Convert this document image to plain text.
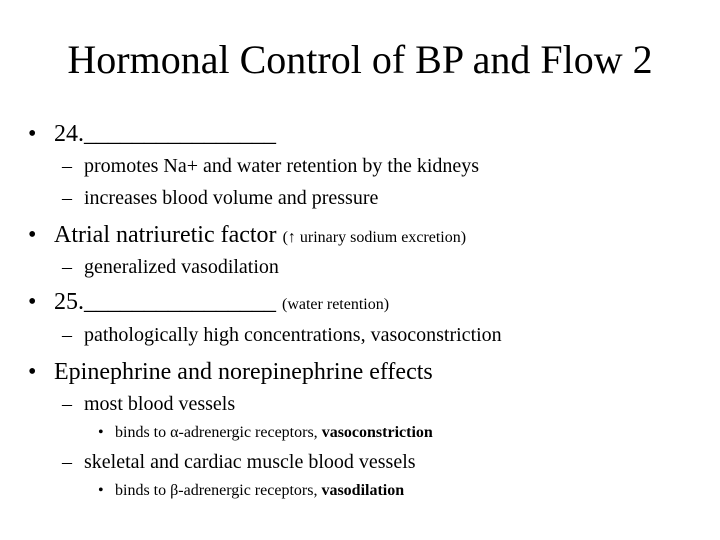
Hormonal Control of BP and Flow 2
• 24.________________
– promotes Na+ and water retention by the kidneys
– increases blood volume and pressure
• Atrial natriuretic factor (↑ urinary sodium excretion)
– generalized vasodilation
• 25.________________ (water retention)
– pathologically high concentrations, vasoconstriction
• Epinephrine and norepinephrine effects
– most blood vessels
• binds to α-adrenergic receptors, vasoconstriction
– skeletal and cardiac muscle blood vessels
• binds to β-adrenergic receptors, vasodilation
